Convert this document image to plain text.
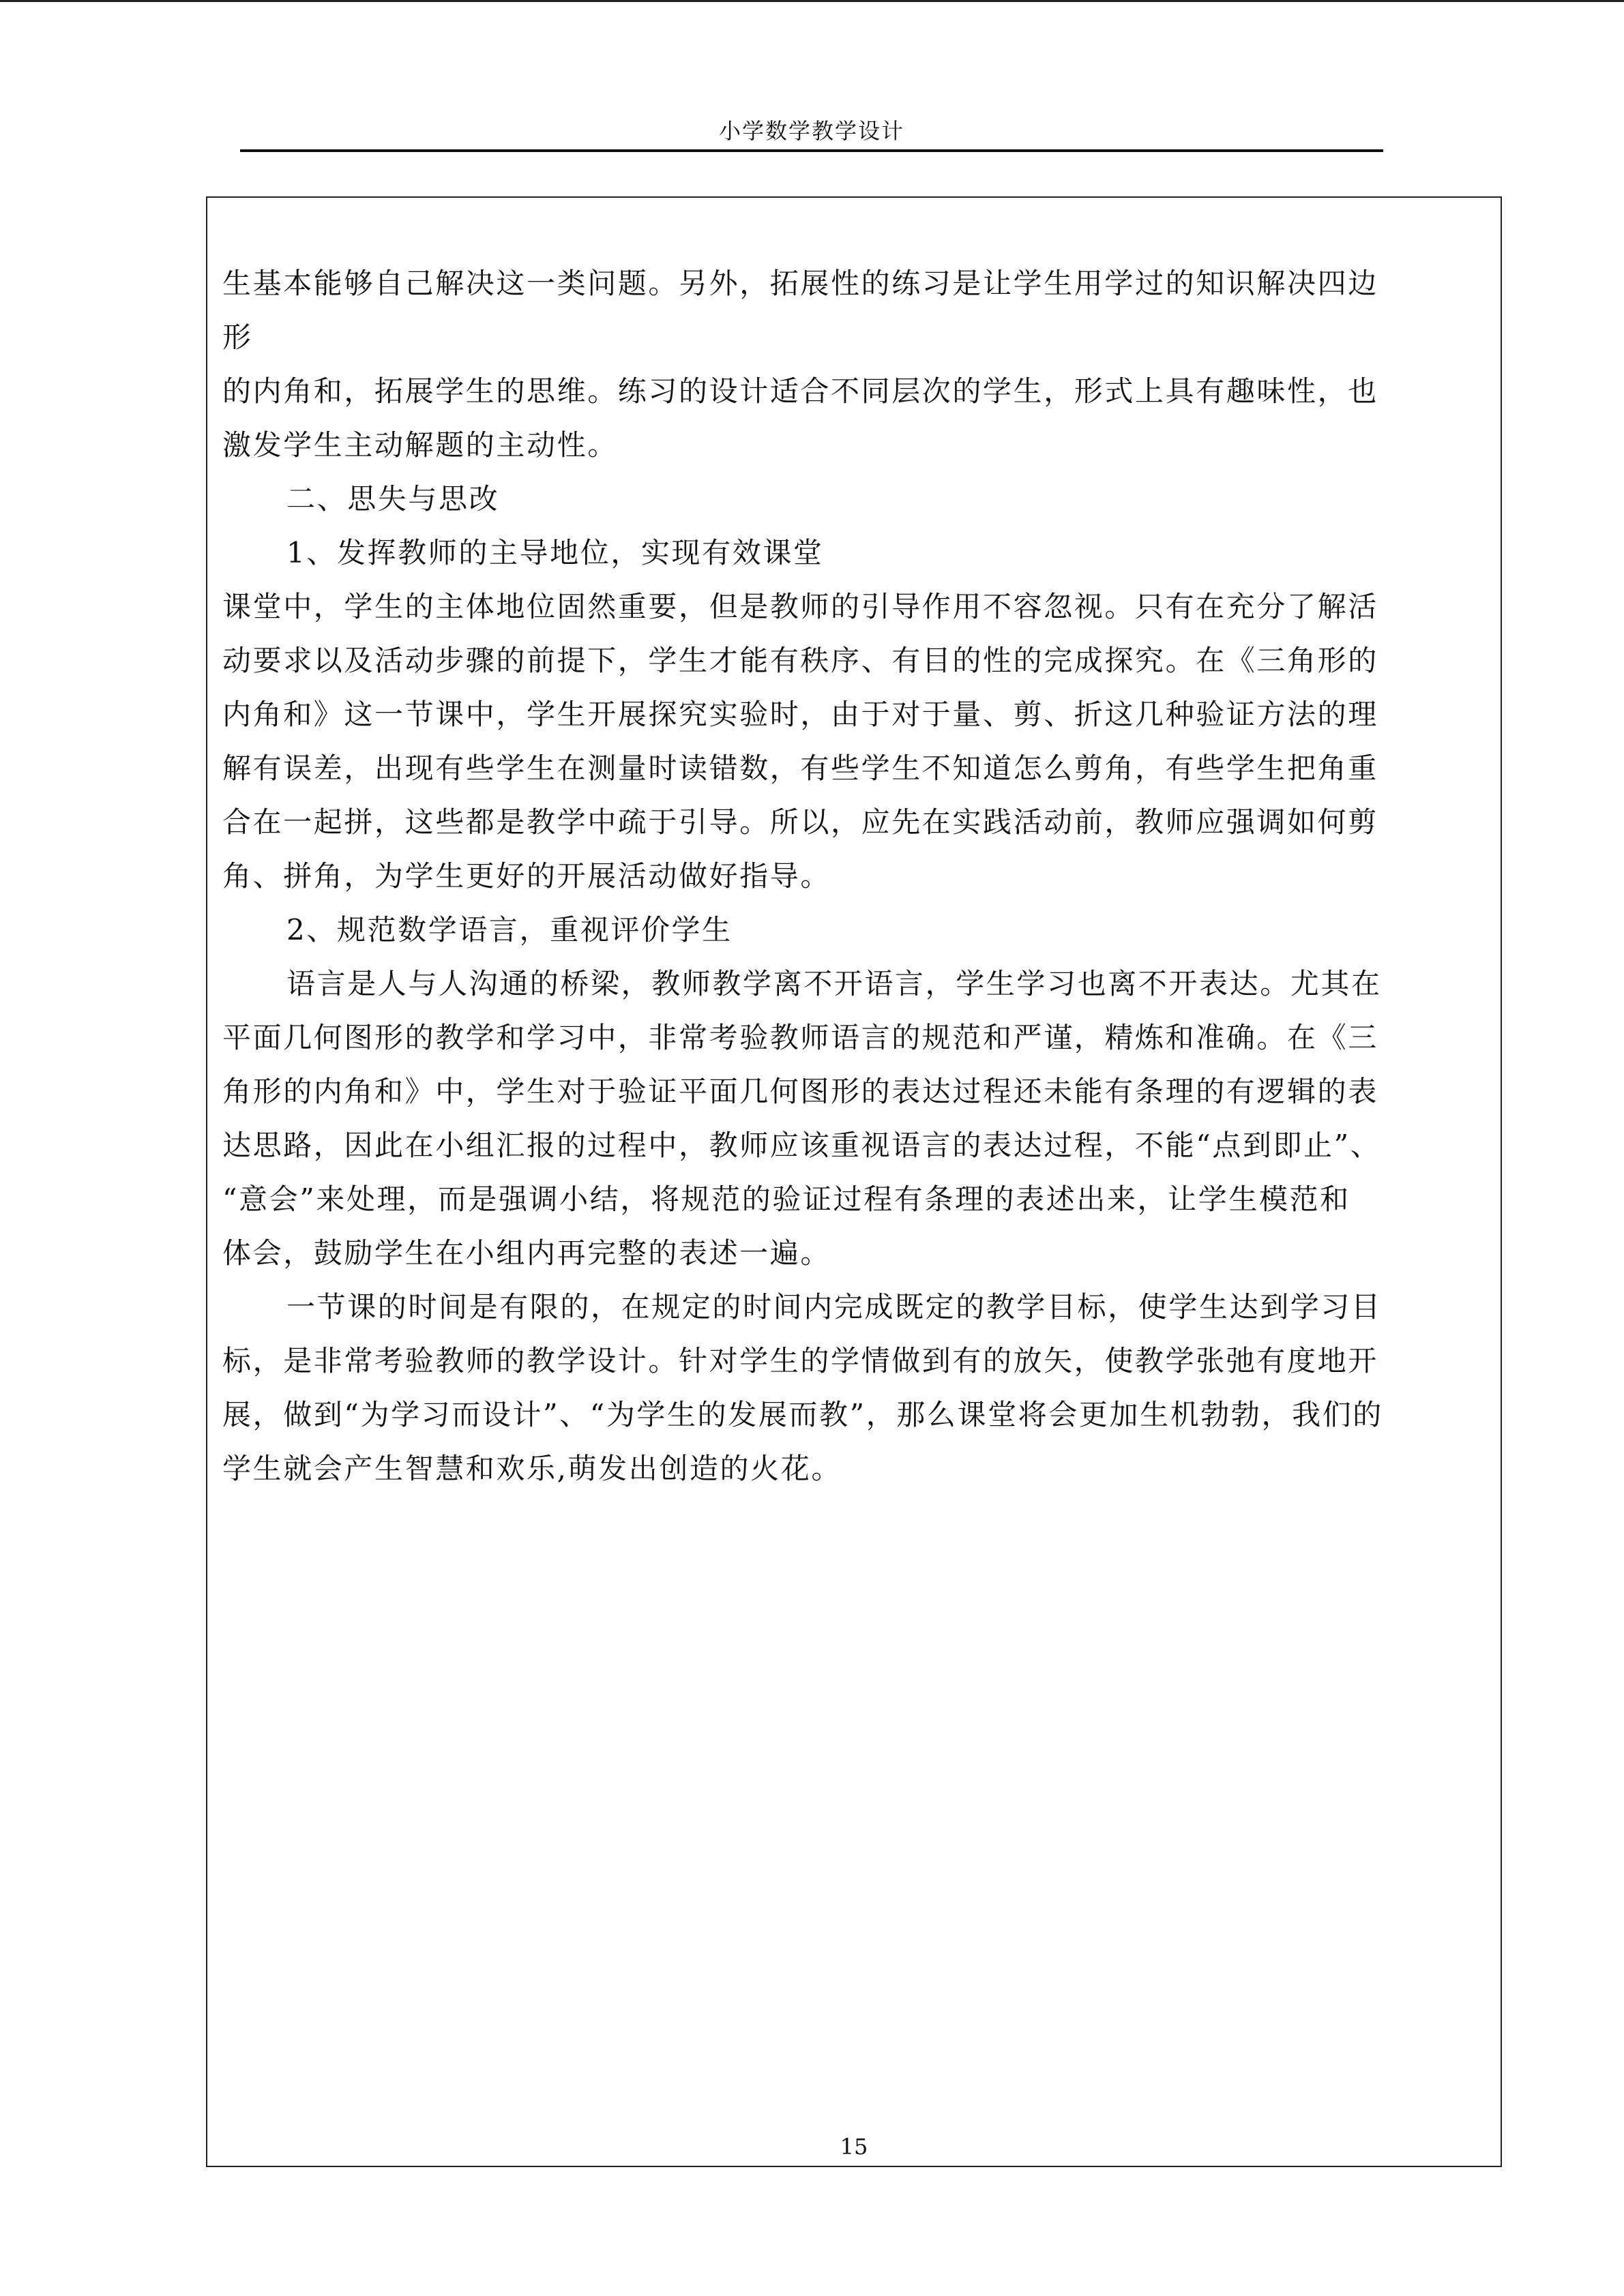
小学数学教学设计

生基本能够自己解决这一类问题。另外，拓展性的练习是让学生用学过的知识解决四边

形

的内角和，拓展学生的思维。练习的设计适合不同层次的学生，形式上具有趣味性，也

激发学生主动解题的主动性。

二、思失与思改

1、发挥教师的主导地位，实现有效课堂

课堂中，学生的主体地位固然重要，但是教师的引导作用不容忽视。只有在充分了解活

动要求以及活动步骤的前提下，学生才能有秩序、有目的性的完成探究。在《三角形的

内角和》这一节课中，学生开展探究实验时，由于对于量、剪、折这几种验证方法的理

解有误差，出现有些学生在测量时读错数，有些学生不知道怎么剪角，有些学生把角重

合在一起拼，这些都是教学中疏于引导。所以，应先在实践活动前，教师应强调如何剪

角、拼角，为学生更好的开展活动做好指导。

2、规范数学语言，重视评价学生

语言是人与人沟通的桥梁，教师教学离不开语言，学生学习也离不开表达。尤其在

平面几何图形的教学和学习中，非常考验教师语言的规范和严谨，精炼和准确。在《三

角形的内角和》中，学生对于验证平面几何图形的表达过程还未能有条理的有逻辑的表

达思路，因此在小组汇报的过程中，教师应该重视语言的表达过程，不能“点到即止”、

“意会”来处理，而是强调小结，将规范的验证过程有条理的表述出来，让学生模范和

体会，鼓励学生在小组内再完整的表述一遍。

一节课的时间是有限的，在规定的时间内完成既定的教学目标，使学生达到学习目

标，是非常考验教师的教学设计。针对学生的学情做到有的放矢，使教学张弛有度地开

展，做到“为学习而设计”、“为学生的发展而教”，那么课堂将会更加生机勃勃，我们的

学生就会产生智慧和欢乐,萌发出创造的火花。

15
